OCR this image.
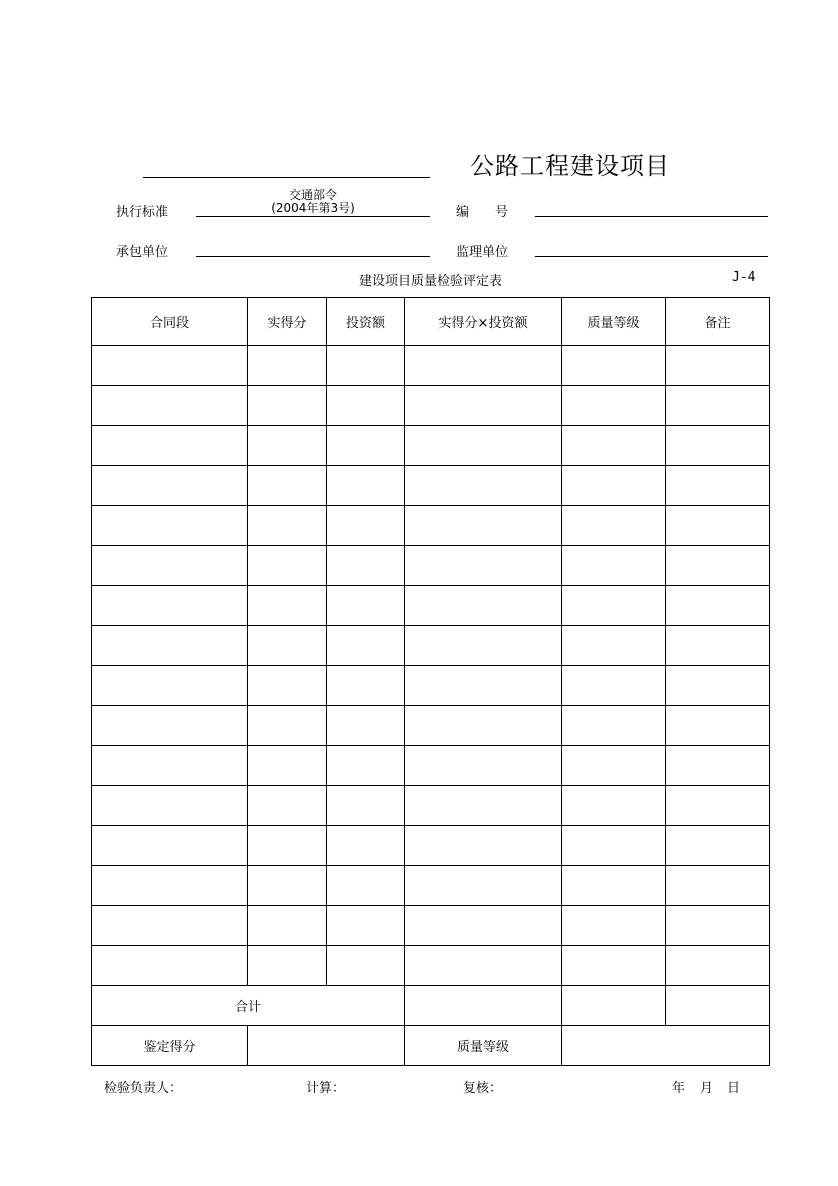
公路工程建设项目
执行标准
交通部令
(2004年第3号)	编　　号
承包单位	监理单位
建设项目质量检验评定表	J-4
合同段	实得分	投资额	实得分×投资额	质量等级	备注

合计					
鉴定得分			质量等级		
检验负责人：	计算：	复核：	年 月 日
